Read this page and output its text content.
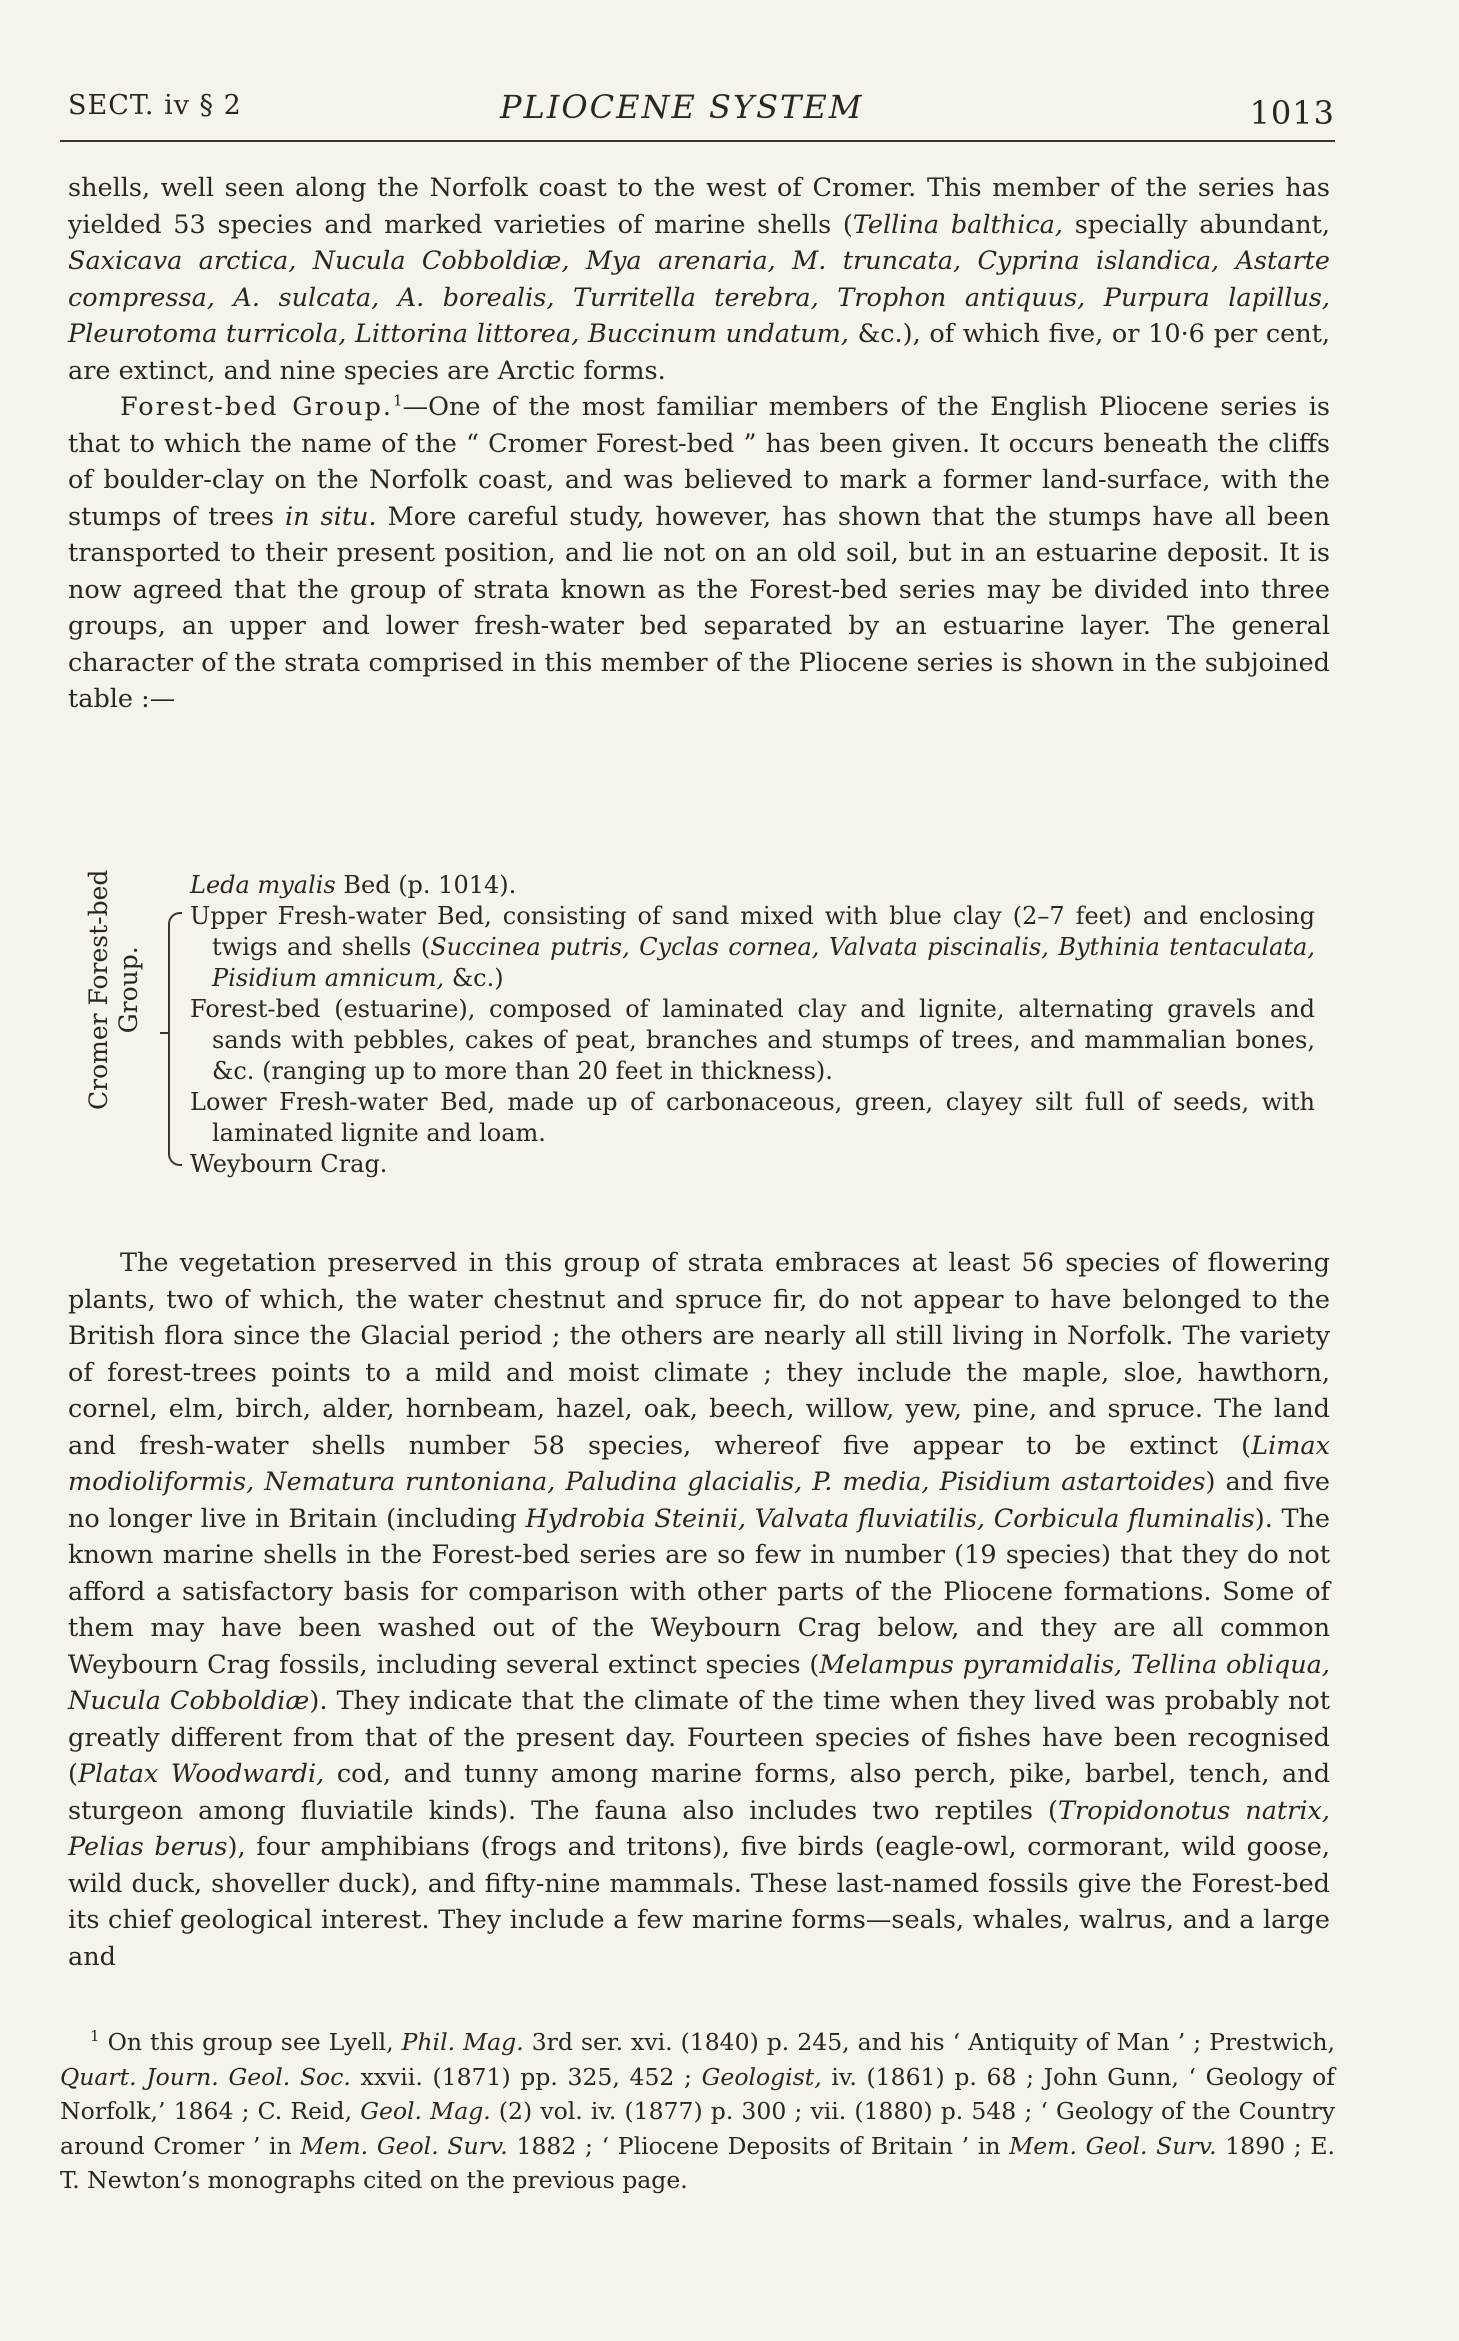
SECT. iv § 2	PLIOCENE SYSTEM	1013

shells, well seen along the Norfolk coast to the west of Cromer. This member of the series has yielded 53 species and marked varieties of marine shells (Tellina balthica, specially abundant, Saxicava arctica, Nucula Cobboldiæ, Mya arenaria, M. truncata, Cyprina islandica, Astarte compressa, A. sulcata, A. borealis, Turritella terebra, Trophon antiquus, Purpura lapillus, Pleurotoma turricola, Littorina littorea, Buccinum undatum, &c.), of which five, or 10·6 per cent, are extinct, and nine species are Arctic forms.

Forest-bed Group.$^1$—One of the most familiar members of the English Pliocene series is that to which the name of the “ Cromer Forest-bed ” has been given. It occurs beneath the cliffs of boulder-clay on the Norfolk coast, and was believed to mark a former land-surface, with the stumps of trees in situ. More careful study, however, has shown that the stumps have all been transported to their present position, and lie not on an old soil, but in an estuarine deposit. It is now agreed that the group of strata known as the Forest-bed series may be divided into three groups, an upper and lower fresh-water bed separated by an estuarine layer. The general character of the strata comprised in this member of the Pliocene series is shown in the subjoined table :—

Cromer Forest-bed Group.

Leda myalis Bed (p. 1014).

Upper Fresh-water Bed, consisting of sand mixed with blue clay (2–7 feet) and enclosing twigs and shells (Succinea putris, Cyclas cornea, Valvata piscinalis, Bythinia tentaculata, Pisidium amnicum, &c.)

Forest-bed (estuarine), composed of laminated clay and lignite, alternating gravels and sands with pebbles, cakes of peat, branches and stumps of trees, and mammalian bones, &c. (ranging up to more than 20 feet in thickness).

Lower Fresh-water Bed, made up of carbonaceous, green, clayey silt full of seeds, with laminated lignite and loam.

Weybourn Crag.

The vegetation preserved in this group of strata embraces at least 56 species of flowering plants, two of which, the water chestnut and spruce fir, do not appear to have belonged to the British flora since the Glacial period ; the others are nearly all still living in Norfolk. The variety of forest-trees points to a mild and moist climate ; they include the maple, sloe, hawthorn, cornel, elm, birch, alder, hornbeam, hazel, oak, beech, willow, yew, pine, and spruce. The land and fresh-water shells number 58 species, whereof five appear to be extinct (Limax modioliformis, Nematura runtoniana, Paludina glacialis, P. media, Pisidium astartoides) and five no longer live in Britain (including Hydrobia Steinii, Valvata fluviatilis, Corbicula fluminalis). The known marine shells in the Forest-bed series are so few in number (19 species) that they do not afford a satisfactory basis for comparison with other parts of the Pliocene formations. Some of them may have been washed out of the Weybourn Crag below, and they are all common Weybourn Crag fossils, including several extinct species (Melampus pyramidalis, Tellina obliqua, Nucula Cobboldiæ). They indicate that the climate of the time when they lived was probably not greatly different from that of the present day. Fourteen species of fishes have been recognised (Platax Woodwardi, cod, and tunny among marine forms, also perch, pike, barbel, tench, and sturgeon among fluviatile kinds). The fauna also includes two reptiles (Tropidonotus natrix, Pelias berus), four amphibians (frogs and tritons), five birds (eagle-owl, cormorant, wild goose, wild duck, shoveller duck), and fifty-nine mammals. These last-named fossils give the Forest-bed its chief geological interest. They include a few marine forms—seals, whales, walrus, and a large and

$^1$ On this group see Lyell, Phil. Mag. 3rd ser. xvi. (1840) p. 245, and his ‘ Antiquity of Man ’ ; Prestwich, Quart. Journ. Geol. Soc. xxvii. (1871) pp. 325, 452 ; Geologist, iv. (1861) p. 68 ; John Gunn, ‘ Geology of Norfolk,’ 1864 ; C. Reid, Geol. Mag. (2) vol. iv. (1877) p. 300 ; vii. (1880) p. 548 ; ‘ Geology of the Country around Cromer ’ in Mem. Geol. Surv. 1882 ; ‘ Pliocene Deposits of Britain ’ in Mem. Geol. Surv. 1890 ; E. T. Newton’s monographs cited on the previous page.
